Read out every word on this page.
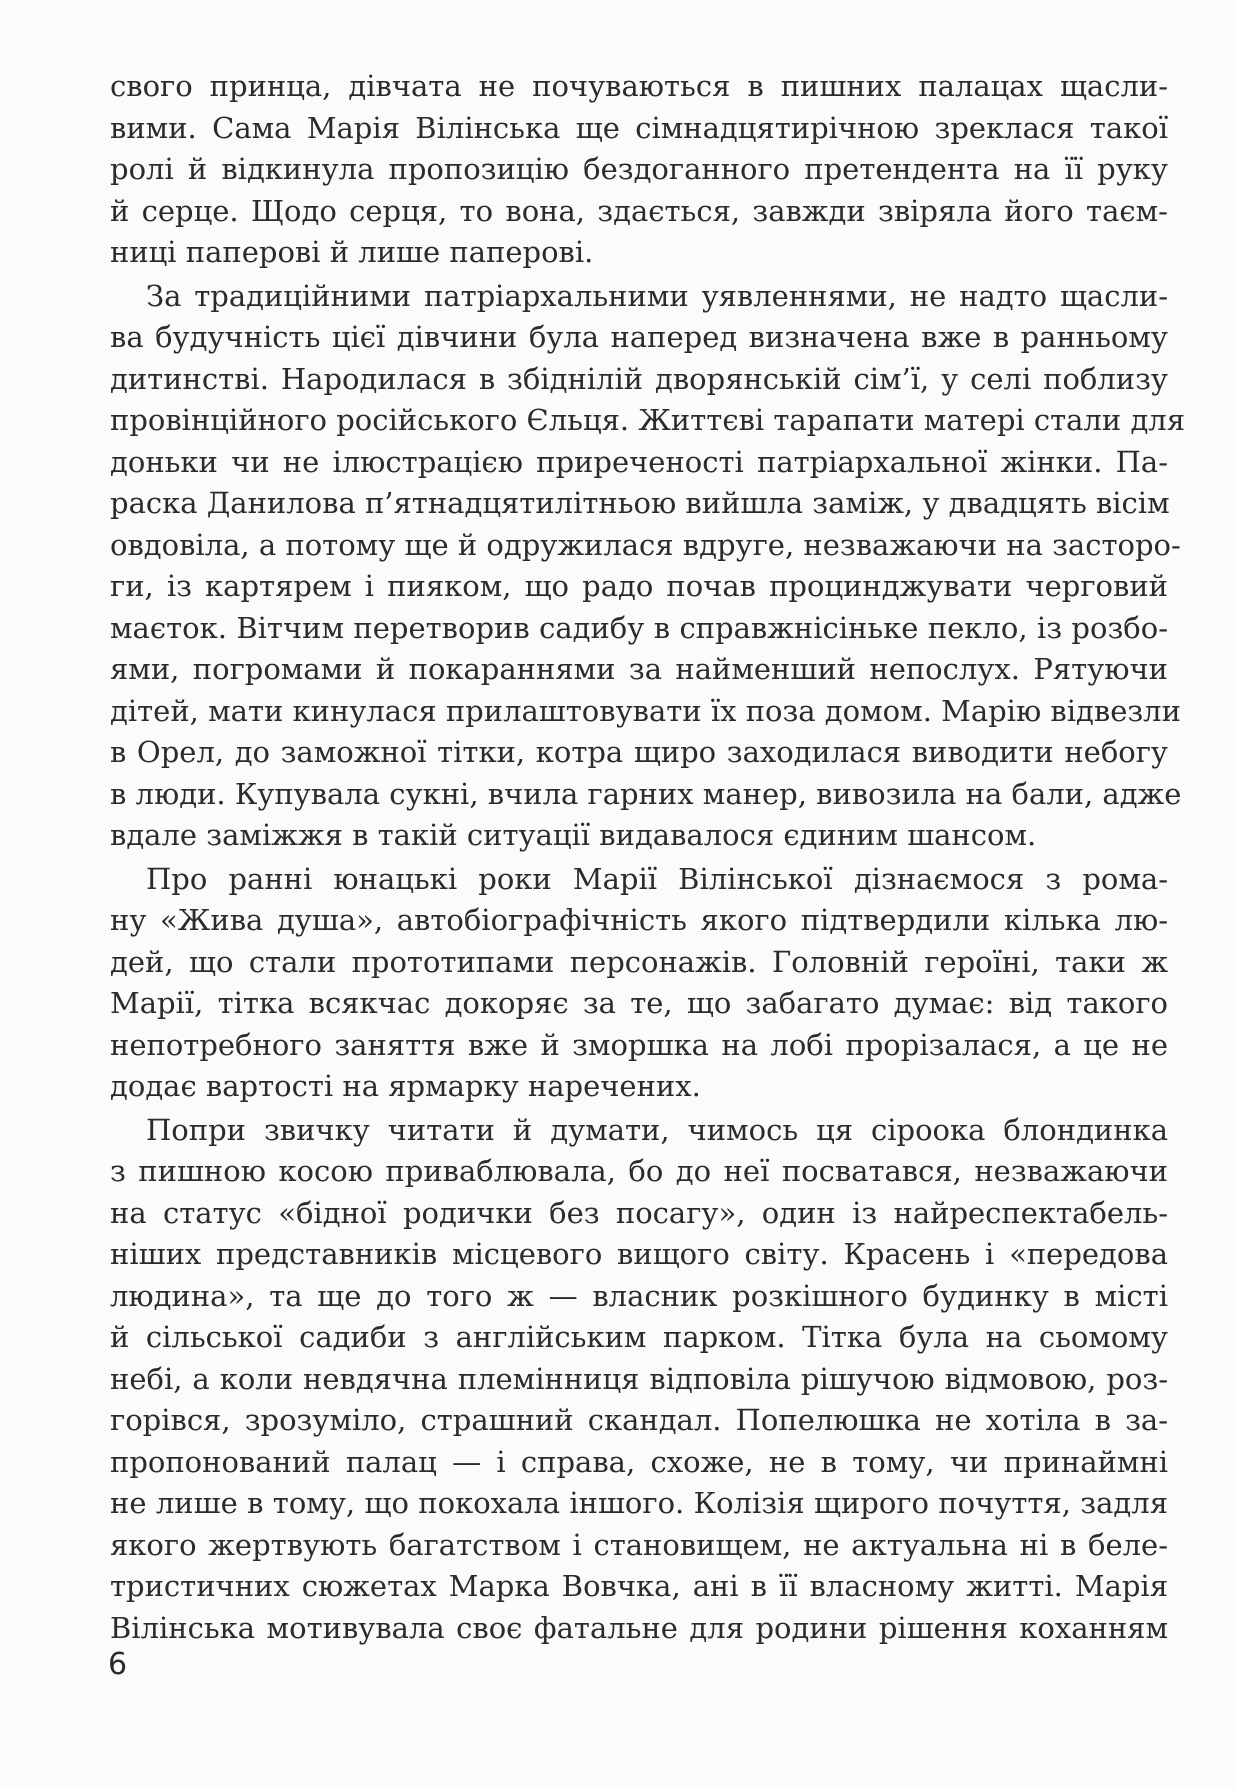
свого принца, дівчата не почуваються в пишних палацах щасли-
вими. Сама Марія Вілінська ще сімнадцятирічною зреклася такої
ролі й відкинула пропозицію бездоганного претендента на її руку
й серце. Щодо серця, то вона, здається, завжди звіряла його таєм-
ниці паперові й лише паперові.
За традиційними патріархальними уявленнями, не надто щасли-
ва будучність цієї дівчини була наперед визначена вже в ранньому
дитинстві. Народилася в збіднілій дворянській сім’ї, у селі поблизу
провінційного російського Єльця. Життєві тарапати матері стали для
доньки чи не ілюстрацією приреченості патріархальної жінки. Па-
раска Данилова п’ятнадцятилітньою вийшла заміж, у двадцять вісім
овдовіла, а потому ще й одружилася вдруге, незважаючи на засторо-
ги, із картярем і пияком, що радо почав процинджувати черговий
маєток. Вітчим перетворив садибу в справжнісіньке пекло, із розбо-
ями, погромами й покараннями за найменший непослух. Рятуючи
дітей, мати кинулася прилаштовувати їх поза домом. Марію відвезли
в Орел, до заможної тітки, котра щиро заходилася виводити небогу
в люди. Купувала сукні, вчила гарних манер, вивозила на бали, адже
вдале заміжжя в такій ситуації видавалося єдиним шансом.
Про ранні юнацькі роки Марії Вілінської дізнаємося з рома-
ну «Жива душа», автобіографічність якого підтвердили кілька лю-
дей, що стали прототипами персонажів. Головній героїні, таки ж
Марії, тітка всякчас докоряє за те, що забагато думає: від такого
непотребного заняття вже й зморшка на лобі прорізалася, а це не
додає вартості на ярмарку наречених.
Попри звичку читати й думати, чимось ця сіроока блондинка
з пишною косою приваблювала, бо до неї посватався, незважаючи
на статус «бідної родички без посагу», один із найреспектабель-
ніших представників місцевого вищого світу. Красень і «передова
людина», та ще до того ж — власник розкішного будинку в місті
й сільської садиби з англійським парком. Тітка була на сьомому
небі, а коли невдячна племінниця відповіла рішучою відмовою, роз-
горівся, зрозуміло, страшний скандал. Попелюшка не хотіла в за-
пропонований палац — і справа, схоже, не в тому, чи принаймні
не лише в тому, що покохала іншого. Колізія щирого почуття, задля
якого жертвують багатством і становищем, не актуальна ні в беле-
тристичних сюжетах Марка Вовчка, ані в її власному житті. Марія
Вілінська мотивувала своє фатальне для родини рішення коханням
6
